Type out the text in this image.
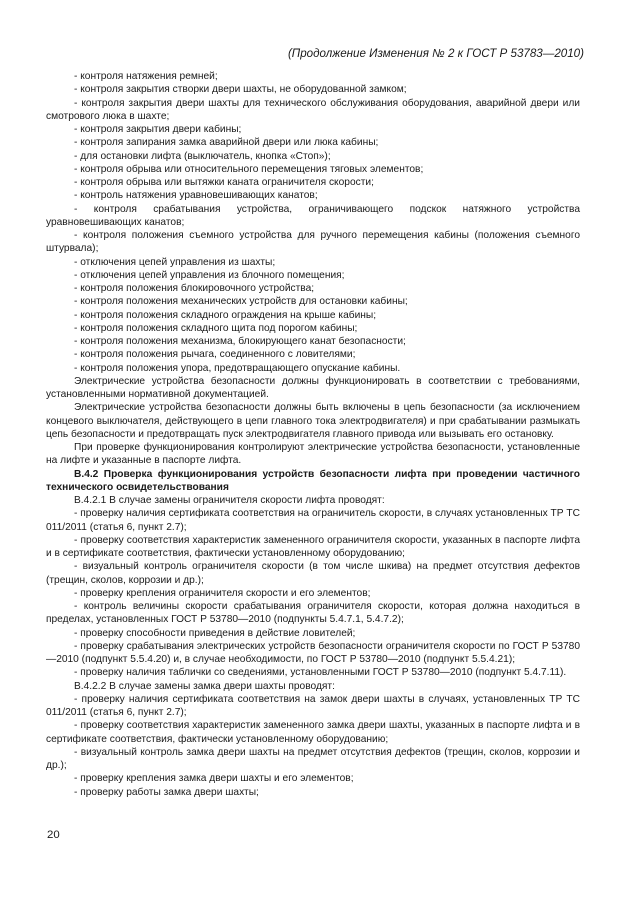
(Продолжение Изменения № 2 к ГОСТ Р 53783—2010)

- контроля натяжения ремней;

- контроля закрытия створки двери шахты, не оборудованной замком;

- контроля закрытия двери шахты для технического обслуживания оборудования, аварийной двери или смотрового люка в шахте;

- контроля закрытия двери кабины;

- контроля запирания замка аварийной двери или люка кабины;

- для остановки лифта (выключатель, кнопка «Стоп»);

- контроля обрыва или относительного перемещения тяговых элементов;

- контроля обрыва или вытяжки каната ограничителя скорости;

- контроль натяжения уравновешивающих канатов;

- контроля срабатывания устройства, ограничивающего подскок натяжного устройства уравновешивающих канатов;

- контроля положения съемного устройства для ручного перемещения кабины (положения съемного штурвала);

- отключения цепей управления из шахты;

- отключения цепей управления из блочного помещения;

- контроля положения блокировочного устройства;

- контроля положения механических устройств для остановки кабины;

- контроля положения складного ограждения на крыше кабины;

- контроля положения складного щита под порогом кабины;

- контроля положения механизма, блокирующего канат безопасности;

- контроля положения рычага, соединенного с ловителями;

- контроля положения упора, предотвращающего опускание кабины.

Электрические устройства безопасности должны функционировать в соответствии с требованиями, установленными нормативной документацией.

Электрические устройства безопасности должны быть включены в цепь безопасности (за исключением концевого выключателя, действующего в цепи главного тока электродвигателя) и при срабатывании размыкать цепь безопасности и предотвращать пуск электродвигателя главного привода или вызывать его остановку.

При проверке функционирования контролируют электрические устройства безопасности, установленные на лифте и указанные в паспорте лифта.

В.4.2 Проверка функционирования устройств безопасности лифта при проведении частичного технического освидетельствования

В.4.2.1 В случае замены ограничителя скорости лифта проводят:

- проверку наличия сертификата соответствия на ограничитель скорости, в случаях установленных ТР ТС 011/2011 (статья 6, пункт 2.7);

- проверку соответствия характеристик замененного ограничителя скорости, указанных в паспорте лифта и в сертификате соответствия, фактически установленному оборудованию;

- визуальный контроль ограничителя скорости (в том числе шкива) на предмет отсутствия дефектов (трещин, сколов, коррозии и др.);

- проверку крепления ограничителя скорости и его элементов;

- контроль величины скорости срабатывания ограничителя скорости, которая должна находиться в пределах, установленных ГОСТ Р 53780—2010 (подпункты 5.4.7.1, 5.4.7.2);

- проверку способности приведения в действие ловителей;

- проверку срабатывания электрических устройств безопасности ограничителя скорости по ГОСТ Р 53780—2010 (подпункт 5.5.4.20) и, в случае необходимости, по ГОСТ Р 53780—2010 (подпункт 5.5.4.21);

- проверку наличия таблички со сведениями, установленными ГОСТ Р 53780—2010 (подпункт 5.4.7.11).

В.4.2.2 В случае замены замка двери шахты проводят:

- проверку наличия сертификата соответствия на замок двери шахты в случаях, установленных ТР ТС 011/2011 (статья 6, пункт 2.7);

- проверку соответствия характеристик замененного замка двери шахты, указанных в паспорте лифта и в сертификате соответствия, фактически установленному оборудованию;

- визуальный контроль замка двери шахты на предмет отсутствия дефектов (трещин, сколов, коррозии и др.);

- проверку крепления замка двери шахты и его элементов;

- проверку работы замка двери шахты;

20
